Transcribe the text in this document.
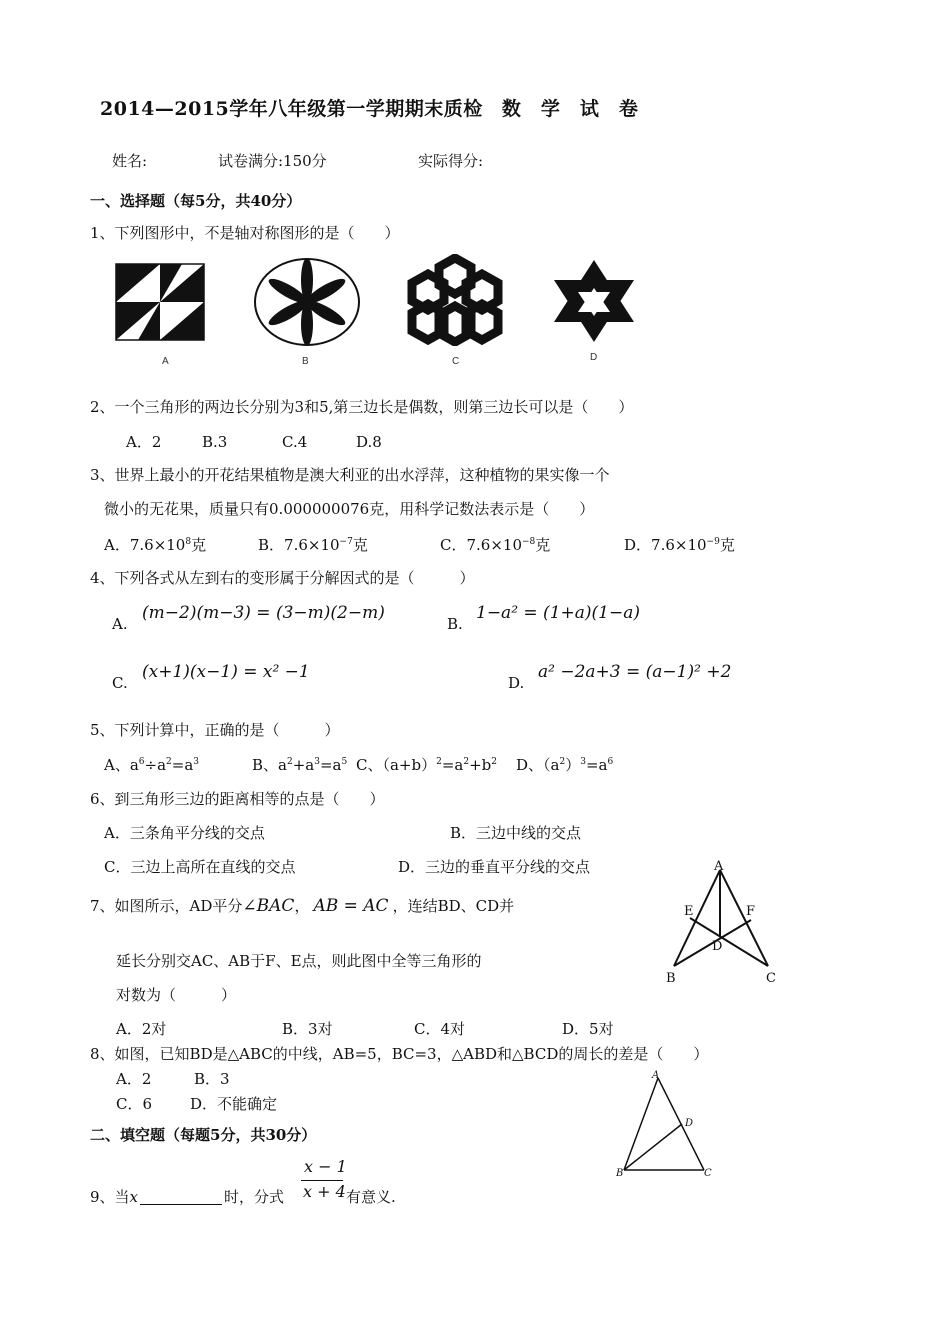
2014—2015学年八年级第一学期期末质检 数　学　试　卷
姓名:	试卷满分:150分	实际得分:
一、选择题（每5分，共40分）
1、下列图形中，不是轴对称图形的是（　　）
A	B	C	D
2、一个三角形的两边长分别为3和5,第三边长是偶数，则第三边长可以是（　　）
A．2	B.3	C.4	D.8
3、世界上最小的开花结果植物是澳大利亚的出水浮萍，这种植物的果实像一个
微小的无花果，质量只有0.000000076克，用科学记数法表示是（　　）
A．$7.6\times 10^8$克	B．$7.6\times 10^{-7}$克	C．$7.6\times 10^{-8}$克	D．$7.6\times 10^{-9}$克
4、下列各式从左到右的变形属于分解因式的是（　　　）
A.
(m−2)(m−3) = (3−m)(2−m)
B.
1−a² = (1+a)(1−a)
C.
(x+1)(x−1) = x² −1
D.
a² −2a+3 = (a−1)² +2
5、下列计算中，正确的是（　　　）
A、$a^6\div a^2=a^3$	B、$a^2+a^3=a^5$ C、$(a+b)^2=a^2+b^2$ D、$(a^2)^3=a^6$
6、到三角形三边的距离相等的点是（　　）
A．三条角平分线的交点	B．三边中线的交点
C．三边上高所在直线的交点	D．三边的垂直平分线的交点
7、如图所示，AD平分∠BAC， AB = AC ，连结BD、CD并
延长分别交AC、AB于F、E点，则此图中全等三角形的
对数为（　　　）
A．2对	B．3对	C．4对	D．5对
A
E	F
D
B	C
8、如图，已知BD是△ABC的中线，AB=5，BC=3，△ABD和△BCD的周长的差是（　　）
A．2	B．3
C．6	D．不能确定
A
D
B	C
二、填空题（每题5分，共30分）
9、当x	时，分式
x − 1
x + 4 有意义.
